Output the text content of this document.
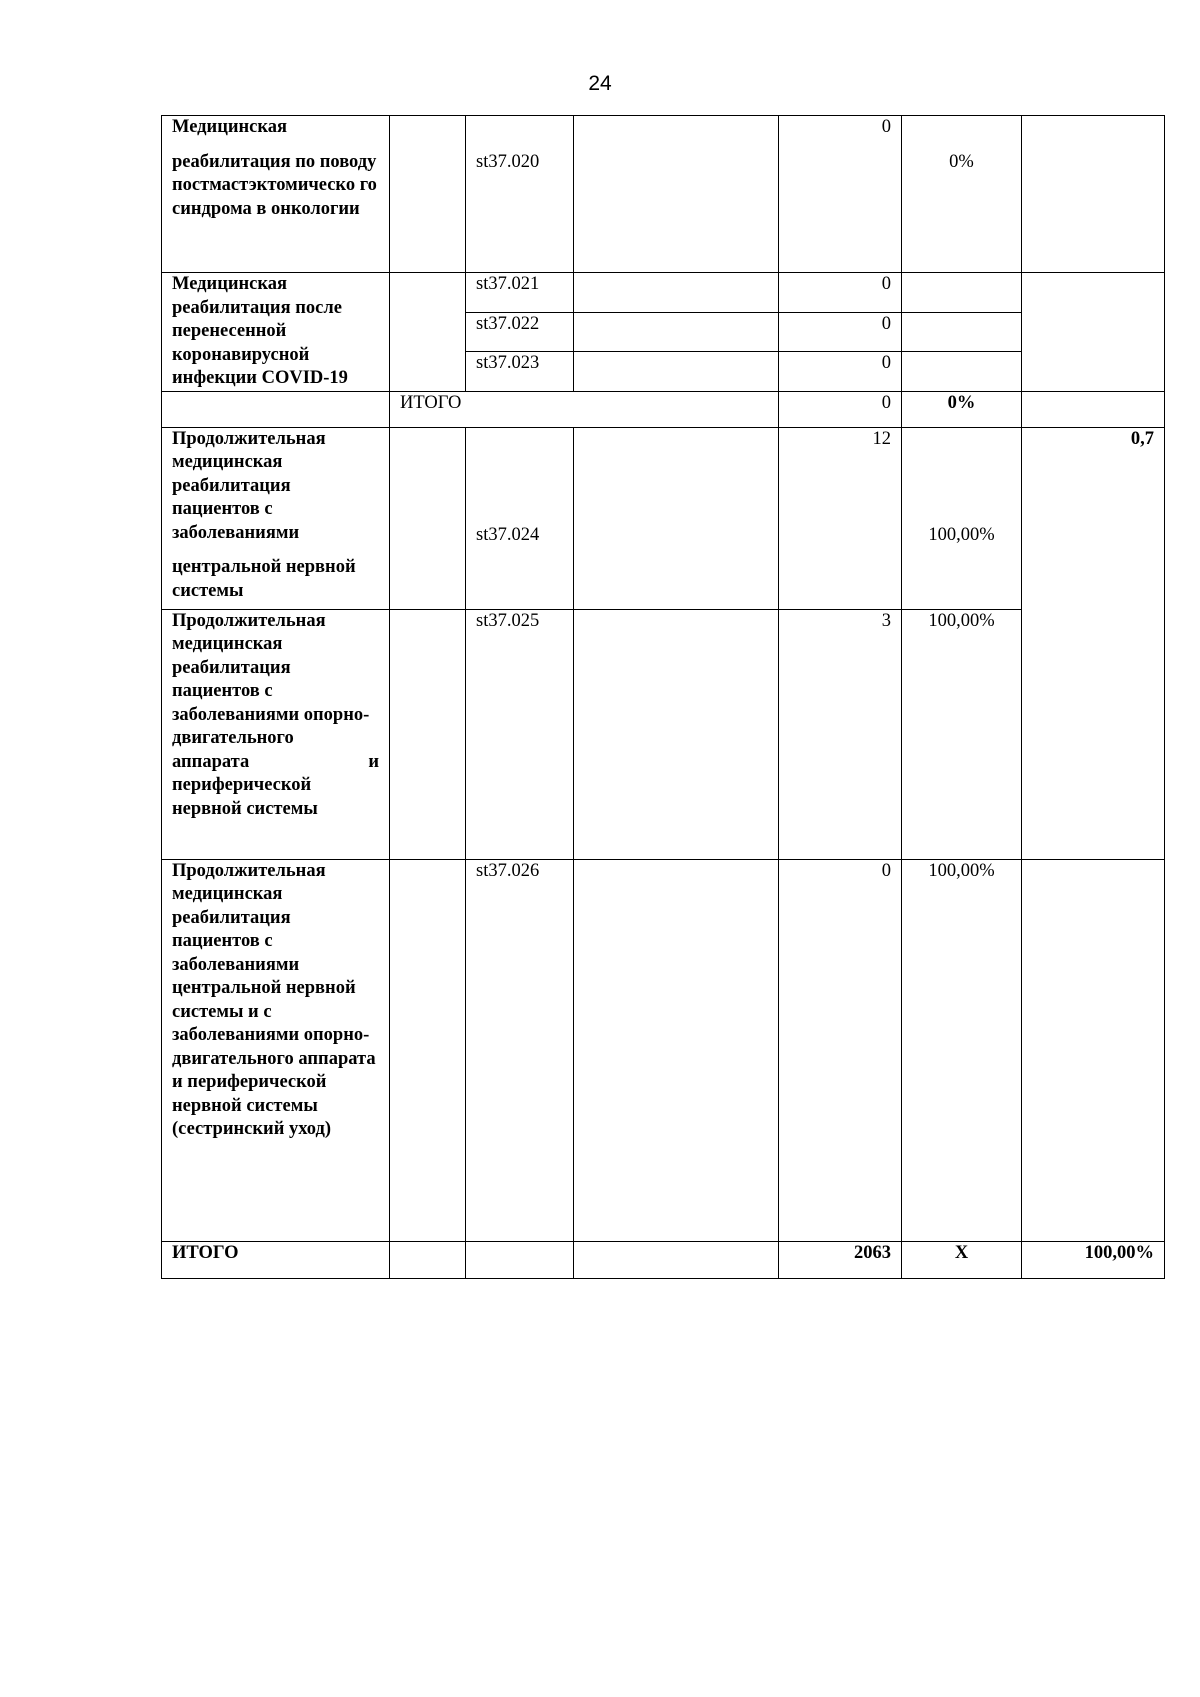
24
Медицинская
реабилитация по поводу постмастэктомическо го синдрома в онкологии		st37.020		0	0%	
Медицинская реабилитация после перенесенной коронавирусной инфекции COVID-19		st37.021		0		
		st37.022		0		
		st37.023		0		
	ИТОГО			0	0%	

Продолжительная медицинская реабилитация пациентов с заболеваниями
центральной нервной системы		st37.024		12	100,00%	0,7

Продолжительная медицинская реабилитация пациентов с заболеваниями опорно-двигательного
аппарата и
периферической нервной системы		st37.025		3	100,00%	
Продолжительная медицинская реабилитация пациентов с заболеваниями центральной нервной системы и с заболеваниями опорно-двигательного аппарата и периферической нервной системы (сестринский уход)		st37.026		0	100,00%	
ИТОГО				2063	X	100,00%
